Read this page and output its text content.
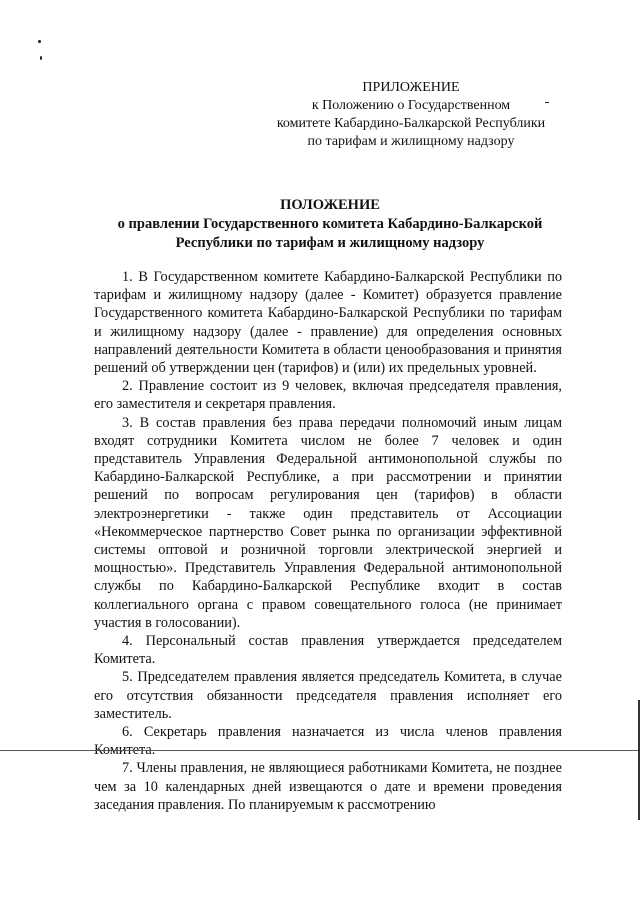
ПРИЛОЖЕНИЕ
к Положению о Государственном
комитете Кабардино-Балкарской Республики
по тарифам и жилищному надзору
ПОЛОЖЕНИЕ
о правлении Государственного комитета Кабардино-Балкарской
Республики по тарифам и жилищному надзору

1. В Государственном комитете Кабардино-Балкарской Республики по тарифам и жилищному надзору (далее - Комитет) образуется правление Государственного комитета Кабардино-Балкарской Республики по тарифам и жилищному надзору (далее - правление) для определения основных направлений деятельности Комитета в области ценообразования и принятия решений об утверждении цен (тарифов) и (или) их предельных уровней.

2. Правление состоит из 9 человек, включая председателя правления, его заместителя и секретаря правления.

3. В состав правления без права передачи полномочий иным лицам входят сотрудники Комитета числом не более 7 человек и один представитель Управления Федеральной антимонопольной службы по Кабардино-Балкарской Республике, а при рассмотрении и принятии решений по вопросам регулирования цен (тарифов) в области электроэнергетики - также один представитель от Ассоциации «Некоммерческое партнерство Совет рынка по организации эффективной системы оптовой и розничной торговли электрической энергией и мощностью». Представитель Управления Федеральной антимонопольной службы по Кабардино-Балкарской Республике входит в состав коллегиального органа с правом совещательного голоса (не принимает участия в голосовании).

4. Персональный состав правления утверждается председателем Комитета.

5. Председателем правления является председатель Комитета, в случае его отсутствия обязанности председателя правления исполняет его заместитель.

6. Секретарь правления назначается из числа членов правления Комитета.

7. Члены правления, не являющиеся работниками Комитета, не позднее чем за 10 календарных дней извещаются о дате и времени проведения заседания правления. По планируемым к рассмотрению
